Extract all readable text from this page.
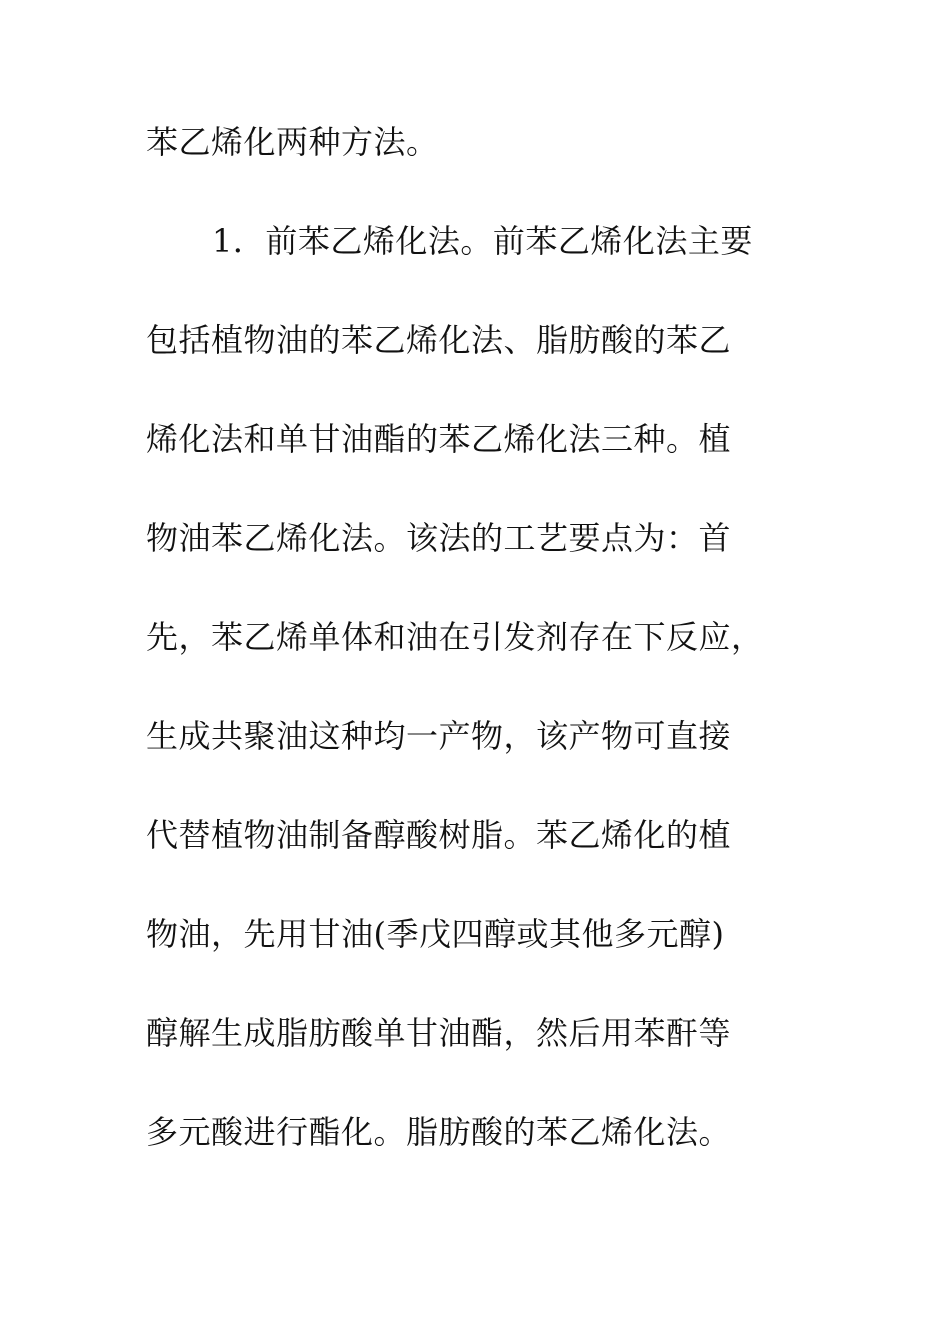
苯乙烯化两种方法。
1．前苯乙烯化法。前苯乙烯化法主要
包括植物油的苯乙烯化法、脂肪酸的苯乙
烯化法和单甘油酯的苯乙烯化法三种。植
物油苯乙烯化法。该法的工艺要点为：首
先，苯乙烯单体和油在引发剂存在下反应，
生成共聚油这种均一产物，该产物可直接
代替植物油制备醇酸树脂。苯乙烯化的植
物油，先用甘油(季戊四醇或其他多元醇)
醇解生成脂肪酸单甘油酯，然后用苯酐等
多元酸进行酯化。脂肪酸的苯乙烯化法。
